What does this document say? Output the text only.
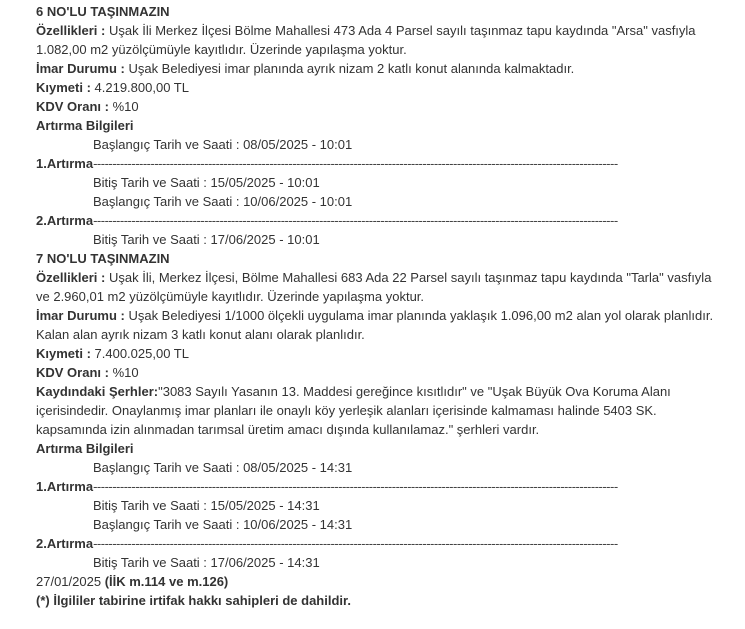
6 NO'LU TAŞINMAZIN
Özellikleri : Uşak İli Merkez İlçesi Bölme Mahallesi 473 Ada 4 Parsel sayılı taşınmaz tapu kaydında "Arsa" vasfıyla
1.082,00 m2 yüzölçümüyle kayıtlıdır. Üzerinde yapılaşma yoktur.
İmar Durumu : Uşak Belediyesi imar planında ayrık nizam 2 katlı konut alanında kalmaktadır.
Kıymeti : 4.219.800,00 TL
KDV Oranı : %10
Artırma Bilgileri
Başlangıç Tarih ve Saati : 08/05/2025 - 10:01
1.Artırma -----------------------------------------------------------------------------------------------------------------------------------------
Bitiş Tarih ve Saati : 15/05/2025 - 10:01
Başlangıç Tarih ve Saati : 10/06/2025 - 10:01
2.Artırma -----------------------------------------------------------------------------------------------------------------------------------------
Bitiş Tarih ve Saati : 17/06/2025 - 10:01
7 NO'LU TAŞINMAZIN
Özellikleri : Uşak İli, Merkez İlçesi, Bölme Mahallesi 683 Ada 22 Parsel sayılı taşınmaz tapu kaydında "Tarla" vasfıyla
ve 2.960,01 m2 yüzölçümüyle kayıtlıdır. Üzerinde yapılaşma yoktur.
İmar Durumu : Uşak Belediyesi 1/1000 ölçekli uygulama imar planında yaklaşık 1.096,00 m2 alan yol olarak planlıdır.
Kalan alan ayrık nizam 3 katlı konut alanı olarak planlıdır.
Kıymeti : 7.400.025,00 TL
KDV Oranı : %10
Kaydındaki Şerhler:"3083 Sayılı Yasanın 13. Maddesi gereğince kısıtlıdır" ve "Uşak Büyük Ova Koruma Alanı
içerisindedir. Onaylanmış imar planları ile onaylı köy yerleşik alanları içerisinde kalmaması halinde 5403 SK.
kapsamında izin alınmadan tarımsal üretim amacı dışında kullanılamaz." şerhleri vardır.
Artırma Bilgileri
Başlangıç Tarih ve Saati : 08/05/2025 - 14:31
1.Artırma -----------------------------------------------------------------------------------------------------------------------------------------
Bitiş Tarih ve Saati : 15/05/2025 - 14:31
Başlangıç Tarih ve Saati : 10/06/2025 - 14:31
2.Artırma -----------------------------------------------------------------------------------------------------------------------------------------
Bitiş Tarih ve Saati : 17/06/2025 - 14:31
27/01/2025 (İİK m.114 ve m.126)
(*) İlgililer tabirine irtifak hakkı sahipleri de dahildir.
